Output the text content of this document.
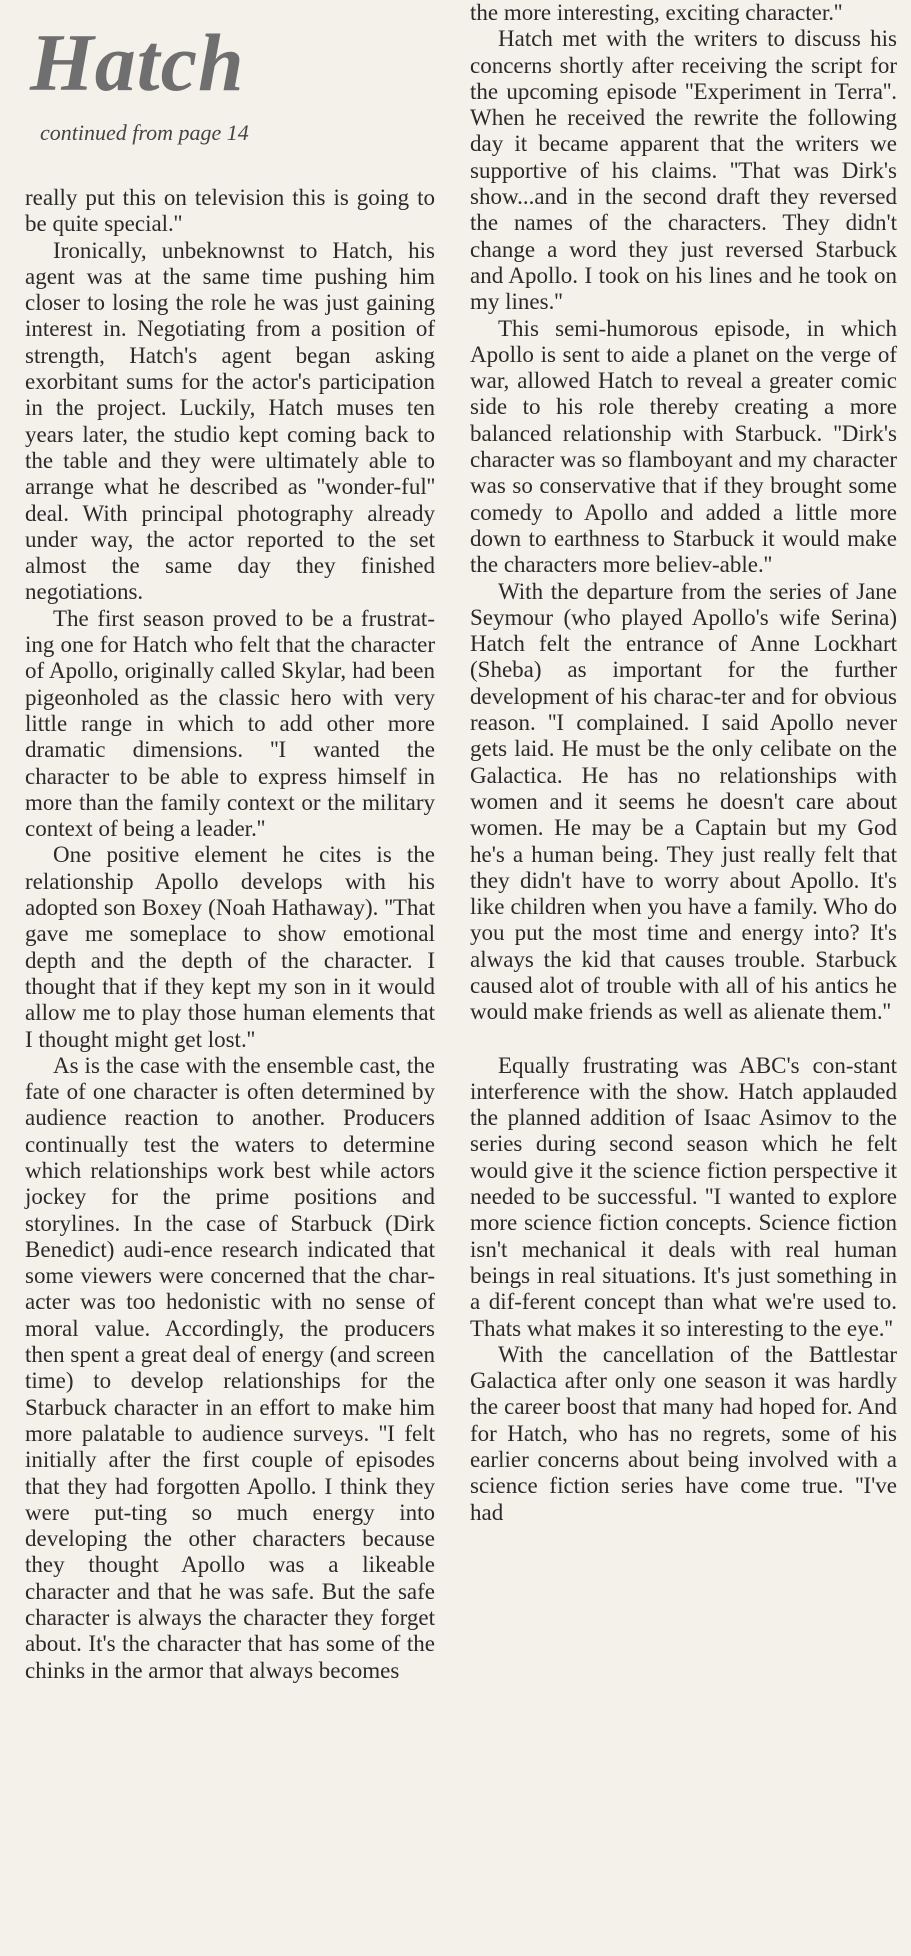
Hatch
continued from page 14

really put this on television this is going to be quite special.''

Ironically, unbeknownst to Hatch, his agent was at the same time pushing him closer to losing the role he was just gaining interest in. Negotiating from a position of strength, Hatch's agent began asking exorbitant sums for the actor's participation in the project. Luckily, Hatch muses ten years later, the studio kept coming back to the table and they were ultimately able to arrange what he described as ''wonder-ful'' deal. With principal photography already under way, the actor reported to the set almost the same day they finished negotiations.

The first season proved to be a frustrat-ing one for Hatch who felt that the character of Apollo, originally called Skylar, had been pigeonholed as the classic hero with very little range in which to add other more dramatic dimensions. ''I wanted the character to be able to express himself in more than the family context or the military context of being a leader.''

One positive element he cites is the relationship Apollo develops with his adopted son Boxey (Noah Hathaway). ''That gave me someplace to show emotional depth and the depth of the character. I thought that if they kept my son in it would allow me to play those human elements that I thought might get lost.''

As is the case with the ensemble cast, the fate of one character is often determined by audience reaction to another. Producers continually test the waters to determine which relationships work best while actors jockey for the prime positions and storylines. In the case of Starbuck (Dirk Benedict) audi-ence research indicated that some viewers were concerned that the char-acter was too hedonistic with no sense of moral value. Accordingly, the producers then spent a great deal of energy (and screen time) to develop relationships for the Starbuck character in an effort to make him more palatable to audience surveys. ''I felt initially after the first couple of episodes that they had forgotten Apollo. I think they were put-ting so much energy into developing the other characters because they thought Apollo was a likeable character and that he was safe. But the safe character is always the character they forget about. It's the character that has some of the chinks in the armor that always becomes

the more interesting, exciting character.''

Hatch met with the writers to discuss his concerns shortly after receiving the script for the upcoming episode ''Experiment in Terra''. When he received the rewrite the following day it became apparent that the writers we supportive of his claims. ''That was Dirk's show...and in the second draft they reversed the names of the characters. They didn't change a word they just reversed Starbuck and Apollo. I took on his lines and he took on my lines.''

This semi-humorous episode, in which Apollo is sent to aide a planet on the verge of war, allowed Hatch to reveal a greater comic side to his role thereby creating a more balanced relationship with Starbuck. ''Dirk's character was so flamboyant and my character was so conservative that if they brought some comedy to Apollo and added a little more down to earthness to Starbuck it would make the characters more believ-able.''

With the departure from the series of Jane Seymour (who played Apollo's wife Serina) Hatch felt the entrance of Anne Lockhart (Sheba) as important for the further development of his charac-ter and for obvious reason. ''I complained. I said Apollo never gets laid. He must be the only celibate on the Galactica. He has no relationships with women and it seems he doesn't care about women. He may be a Captain but my God he's a human being. They just really felt that they didn't have to worry about Apollo. It's like children when you have a family. Who do you put the most time and energy into? It's always the kid that causes trouble. Starbuck caused alot of trouble with all of his antics he would make friends as well as alienate them.''

Equally frustrating was ABC's con-stant interference with the show. Hatch applauded the planned addition of Isaac Asimov to the series during second season which he felt would give it the science fiction perspective it needed to be successful. ''I wanted to explore more science fiction concepts. Science fiction isn't mechanical it deals with real human beings in real situations. It's just something in a dif-ferent concept than what we're used to. Thats what makes it so interesting to the eye.''

With the cancellation of the Battlestar Galactica after only one season it was hardly the career boost that many had hoped for. And for Hatch, who has no regrets, some of his earlier concerns about being involved with a science fiction series have come true. ''I've had
